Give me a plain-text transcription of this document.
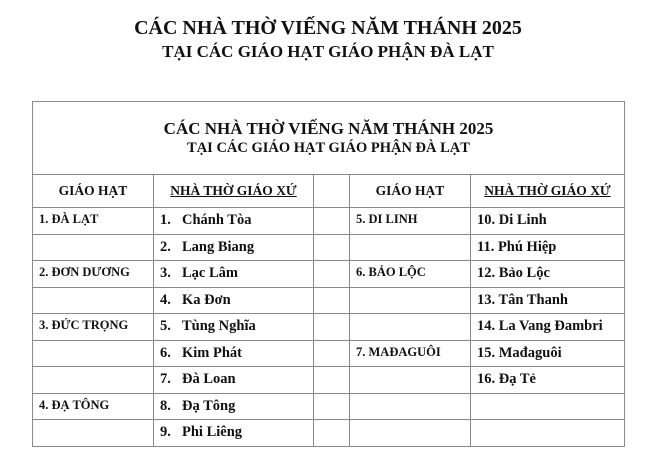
CÁC NHÀ THỜ VIẾNG NĂM THÁNH 2025
TẠI CÁC GIÁO HẠT GIÁO PHẬN ĐÀ LẠT
CÁC NHÀ THỜ VIẾNG NĂM THÁNH 2025
TẠI CÁC GIÁO HẠT GIÁO PHẬN ĐÀ LẠT				

GIÁO HẠT	NHÀ THỜ GIÁO XỨ		GIÁO HẠT	NHÀ THỜ GIÁO XỨ
1. ĐÀ LẠT	1. Chánh Tòa		5. DI LINH	10. Di Linh
	2. Lang Biang			11. Phú Hiệp
2. ĐƠN DƯƠNG	3. Lạc Lâm		6. BẢO LỘC	12. Bảo Lộc
	4. Ka Đơn			13. Tân Thanh
3. ĐỨC TRỌNG	5. Tùng Nghĩa			14. La Vang Đambri
	6. Kim Phát		7. MAĐAGUÔI	15. Mađaguôi
	7. Đà Loan			16. Đạ Tẻ
4. ĐẠ TÔNG	8. Đạ Tông			
	9. Phi Liêng			
